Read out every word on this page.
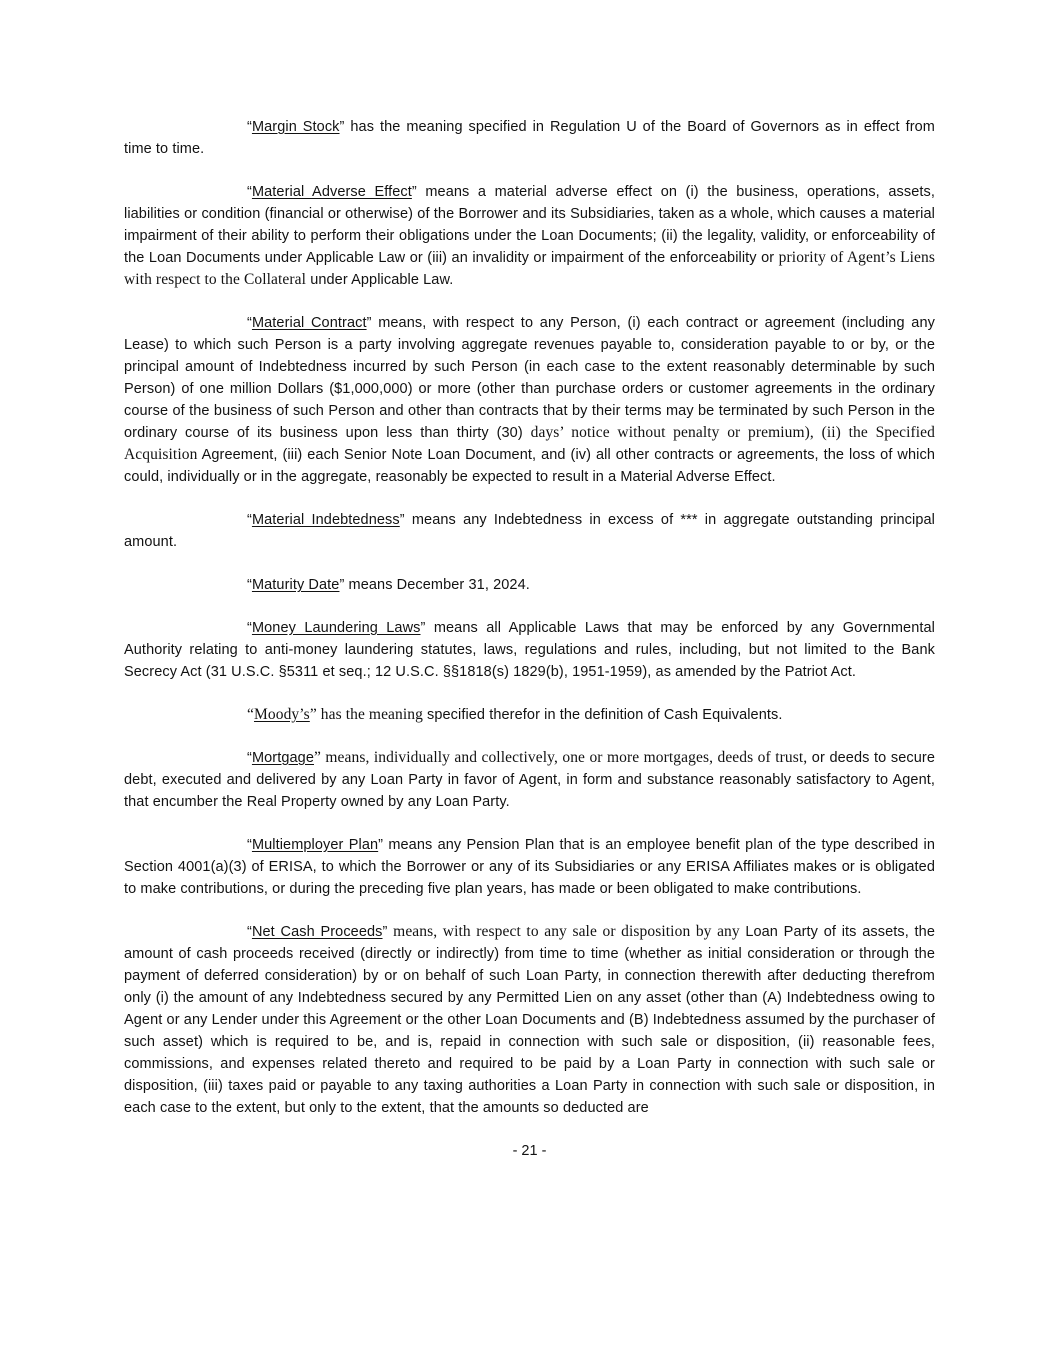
“Margin Stock” has the meaning specified in Regulation U of the Board of Governors as in effect from time to time.

“Material Adverse Effect” means a material adverse effect on (i) the business, operations, assets, liabilities or condition (financial or otherwise) of the Borrower and its Subsidiaries, taken as a whole, which causes a material impairment of their ability to perform their obligations under the Loan Documents; (ii) the legality, validity, or enforceability of the Loan Documents under Applicable Law or (iii) an invalidity or impairment of the enforceability or priority of Agent’s Liens with respect to the Collateral under Applicable Law.

“Material Contract” means, with respect to any Person, (i) each contract or agreement (including any Lease) to which such Person is a party involving aggregate revenues payable to, consideration payable to or by, or the principal amount of Indebtedness incurred by such Person (in each case to the extent reasonably determinable by such Person) of one million Dollars ($1,000,000) or more (other than purchase orders or customer agreements in the ordinary course of the business of such Person and other than contracts that by their terms may be terminated by such Person in the ordinary course of its business upon less than thirty (30) days’ notice without penalty or premium), (ii) the Specified Acquisition Agreement, (iii) each Senior Note Loan Document, and (iv) all other contracts or agreements, the loss of which could, individually or in the aggregate, reasonably be expected to result in a Material Adverse Effect.

“Material Indebtedness” means any Indebtedness in excess of *** in aggregate outstanding principal amount.

“Maturity Date” means December 31, 2024.

“Money Laundering Laws” means all Applicable Laws that may be enforced by any Governmental Authority relating to anti-money laundering statutes, laws, regulations and rules, including, but not limited to the Bank Secrecy Act (31 U.S.C. §5311 et seq.; 12 U.S.C. §§1818(s) 1829(b), 1951-1959), as amended by the Patriot Act.

“Moody’s” has the meaning specified therefor in the definition of Cash Equivalents.

“Mortgage” means, individually and collectively, one or more mortgages, deeds of trust, or deeds to secure debt, executed and delivered by any Loan Party in favor of Agent, in form and substance reasonably satisfactory to Agent, that encumber the Real Property owned by any Loan Party.

“Multiemployer Plan” means any Pension Plan that is an employee benefit plan of the type described in Section 4001(a)(3) of ERISA, to which the Borrower or any of its Subsidiaries or any ERISA Affiliates makes or is obligated to make contributions, or during the preceding five plan years, has made or been obligated to make contributions.

“Net Cash Proceeds” means, with respect to any sale or disposition by any Loan Party of its assets, the amount of cash proceeds received (directly or indirectly) from time to time (whether as initial consideration or through the payment of deferred consideration) by or on behalf of such Loan Party, in connection therewith after deducting therefrom only (i) the amount of any Indebtedness secured by any Permitted Lien on any asset (other than (A) Indebtedness owing to Agent or any Lender under this Agreement or the other Loan Documents and (B) Indebtedness assumed by the purchaser of such asset) which is required to be, and is, repaid in connection with such sale or disposition, (ii) reasonable fees, commissions, and expenses related thereto and required to be paid by a Loan Party in connection with such sale or disposition, (iii) taxes paid or payable to any taxing authorities a Loan Party in connection with such sale or disposition, in each case to the extent, but only to the extent, that the amounts so deducted are

- 21 -
